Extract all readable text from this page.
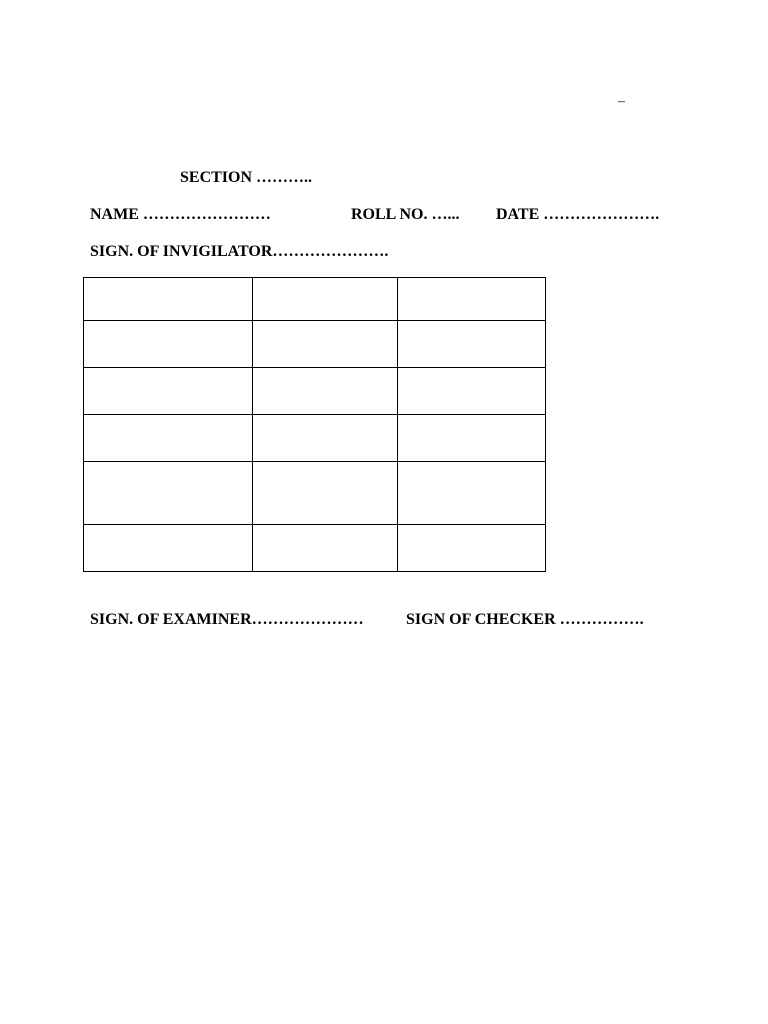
–
SECTION ………..
NAME ……………………	ROLL NO. …... DATE ………………….
SIGN. OF INVIGILATOR………………….

SIGN. OF EXAMINER…………………	SIGN OF CHECKER …………….
